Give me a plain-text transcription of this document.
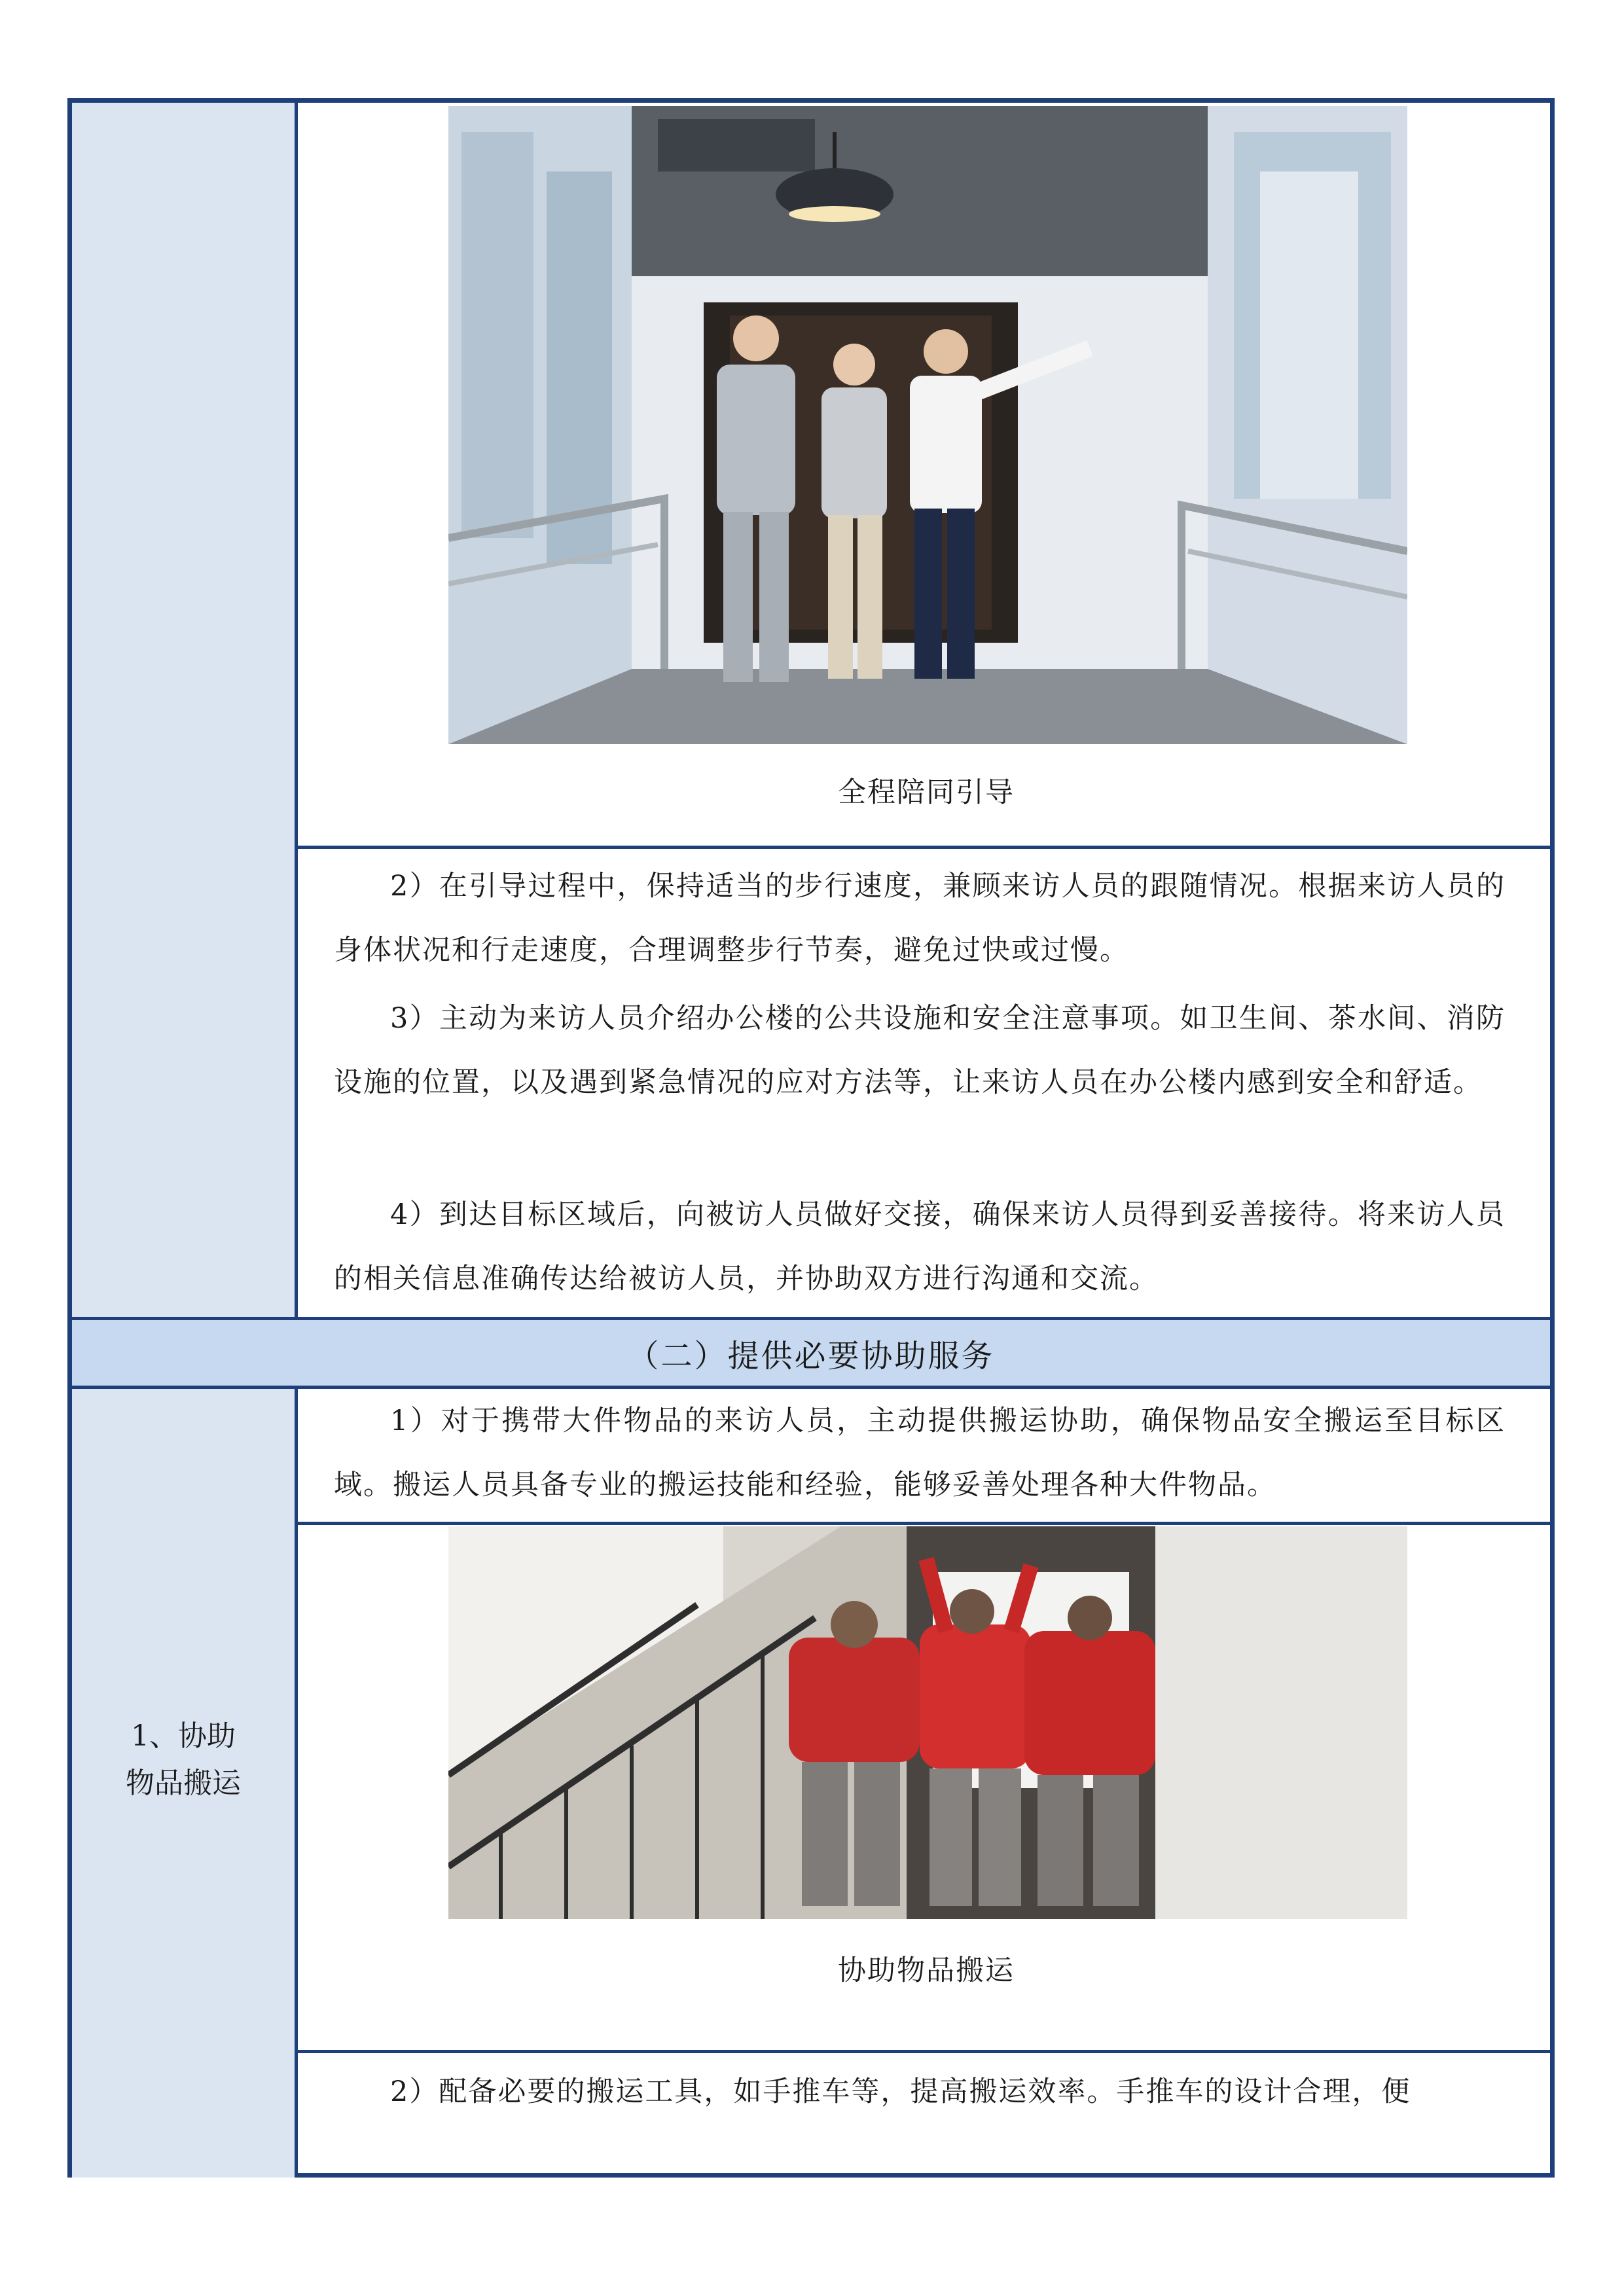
（二）提供必要协助服务
全程陪同引导
2）在引导过程中，保持适当的步行速度，兼顾来访人员的跟随情况。根据来访人员的身体状况和行走速度，合理调整步行节奏，避免过快或过慢。
3）主动为来访人员介绍办公楼的公共设施和安全注意事项。如卫生间、茶水间、消防设施的位置，以及遇到紧急情况的应对方法等，让来访人员在办公楼内感到安全和舒适。
4）到达目标区域后，向被访人员做好交接，确保来访人员得到妥善接待。将来访人员的相关信息准确传达给被访人员，并协助双方进行沟通和交流。
1、协助物品搬运
1）对于携带大件物品的来访人员，主动提供搬运协助，确保物品安全搬运至目标区域。搬运人员具备专业的搬运技能和经验，能够妥善处理各种大件物品。
协助物品搬运
2）配备必要的搬运工具，如手推车等，提高搬运效率。手推车的设计合理，便
